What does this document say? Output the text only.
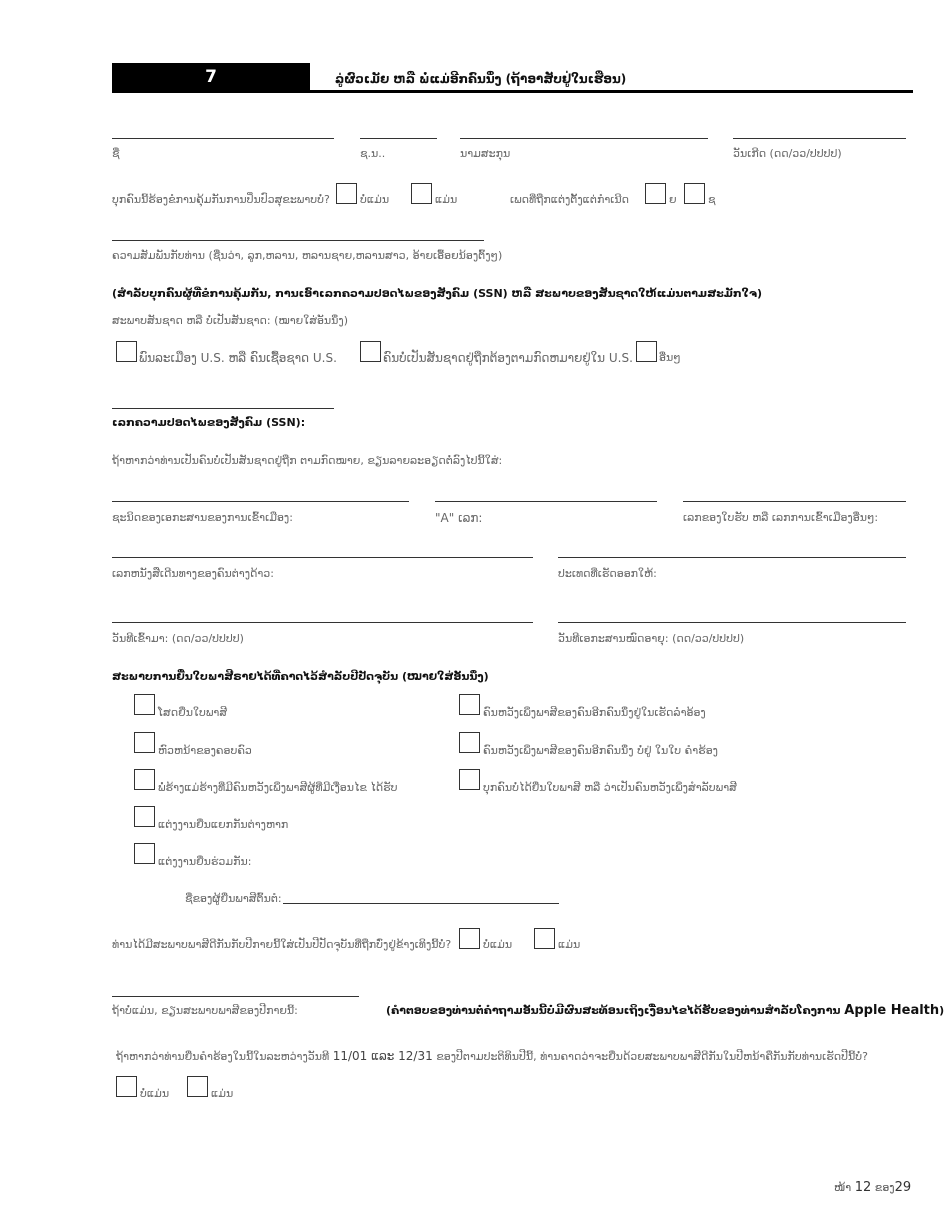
7	ລູ່ຜົວເມັຍ ຫລື ພໍ່ແມ່ອີກຄົນນຶ່ງ (ຖ້າອາສັບຢູ່ໃນເຮືອນ)
ຊື່	ຊ.ນ..	ນາມສະກຸນ	ວັນເກີດ (ດດ/ວວ/ປປປປ)
ບຸກຄົນນີ້ຮ້ອງຂໍການຄຸ້ມກັນການປິ່ນປົວສຸຂະພາບບໍ່?	ບໍ່ແມ່ນ	ແມ່ນ	ເພດທີ່ຖືກແຕ່ງຕັ້ງແຕ່ກຳເນີດ	ຍ	ຊ
ຄວາມສັມພັນກັບທ່ານ (ຊື່ນວ່າ, ລູກ,ຫລານ, ຫລານຊາຍ,ຫລານສາວ, ອ້າຍເອື້ອຍນ້ອງຕົ້ງໆ)
(ສຳລັບບຸກຄົນຜູ້ທີ່ຂໍການຄຸ້ມກັນ, ການເອົາເລກຄວາມປອດໄພຂອງສັງຄົມ (SSN) ຫລື ສະພາບຂອງສັນຊາດໃຫ້ແມ່ນຕາມສະມັກໃຈ)
ສະພາບສັນຊາດ ຫລື ບໍ່ເປັນສັນຊາດ: (ໝາຍໃສ່ອັນນຶ່ງ)
ພົນລະເມືອງ U.S. ຫລື ຄົນເຊື້ອຊາດ U.S.	ຄົນບໍ່ເປັນສັນຊາດຢູ່ຖືກຕ້ອງຕາມກົດຫມາຍຢູ່ໃນ U.S. ອື່ນໆ
ເລກຄວາມປອດໄພຂອງສັງຄົມ (SSN):
ຖ້າຫາກວ່າທ່ານເປັນຄົນບໍ່ເປັນສັນຊາດຢູ່ຖືກ ຕາມກົດໝາຍ, ຂຽນລາຍລະອຽດຕໍ່ລົງໄປນີ້ໃສ່:
ຊະນິດຂອງເອກະສານຂອງການເຂົ້າເມືອງ:	"A" ເລກ:	ເລກຂອງໃບຮັບ ຫລື ເລກການເຂົ້າເມືອງອື່ນໆ:
ເລກຫນັງສືເດີນທາງຂອງຄົນຕ່າງດ້າວ:	ປະເທດທີ່ເຮັດອອກໃຫ້:
ວັນທີເຂົ້າມາ: (ດດ/ວວ/ປປປປ)	ວັນທີເອກະສານໝົດອາຍຸ: (ດດ/ວວ/ປປປປ)
ສະພາບການຍື່ນໃບພາສີຣາຍໄດ້ທີ່ຄາດໄວ້ສຳລັບປີປັດຈຸບັນ (ໝາຍໃສ່ອັນນຶ່ງ)
ໂສດຍື່ນໃບພາສີ	ຄົນຫວັງເພິ່ງພາສີຂອງຄົນອີກຄົນນຶ່ງຢູ່ໃນເຮັດລຳອ້ອງ
ຫົວຫນ້າຂອງຄອບຄົວ	ຄົນຫວັງເພິ່ງພາສີຂອງຄົນອີກຄົນນຶ່ງ ບໍ່ຢູ່ ໃນໃບ ຄຳຮ້ອງ
ພໍ່ຮ້າງແມ່ຮ້າງທີ່ມີຄົນຫວັງເພິ່ງພາສີຜູ້ທີ່ມີເງື່ອນໄຂ ໄດ້ຮັບ	ບຸກຄົນບໍ່ໄດ້ຍື່ນໃບພາສີ ຫລື ວ່າເປັນຄົນຫວັງເພິ່ງສຳລັບພາສີ
ແຕ່ງງານຍື່ນແຍກກັນຕ່າງຫາກ
ແຕ່ງງານຍື່ນຮ່ວມກັນ:
ຊື່ຂອງຜູ້ຍື່ນພາສີຕົ້ນຕໍ:
ທ່ານໄດ້ມີສະພາບພາສີດີກັນກັບປີກາຍນີ້ໃສ່ເປັນປີປັດຈຸບັນທີ່ຖືກບົ່ງຢູ່ຂ້າງເທິງນີ້ບໍ່?	ບໍ່ແມ່ນ	ແມ່ນ
ຖ້າບໍ່ແມ່ນ, ຂຽນສະພາບພາສີຂອງປີກາຍນີ້:	(ຄຳຕອບຂອງທ່ານຕໍ່ຄຳຖາມອັນນີ້ບໍ່ມີຜົນສະທ້ອນເຖິງເງື່ອນໄຂໄດ້ຮັບຂອງທ່ານສຳລັບໂຄງການ Apple Health)
ຖ້າຫາກວ່າທ່ານຍື່ນຄຳຮ້ອງໃນນີ້ໃນລະຫວ່າງວັນທີ 11/01 ແລະ 12/31 ຂອງປີຕາມປະຕິທິນປີນີ້, ທ່ານຄາດວ່າຈະຍື່ນດ້ວຍສະພາບພາສີດີກັນໃນປີຫນ້າຄືກັນກັບທ່ານເຮັດປີນີ້ບໍ່?
ບໍ່ແມ່ນ	ແມ່ນ
ໜ້າ 12 ຂອງ29
